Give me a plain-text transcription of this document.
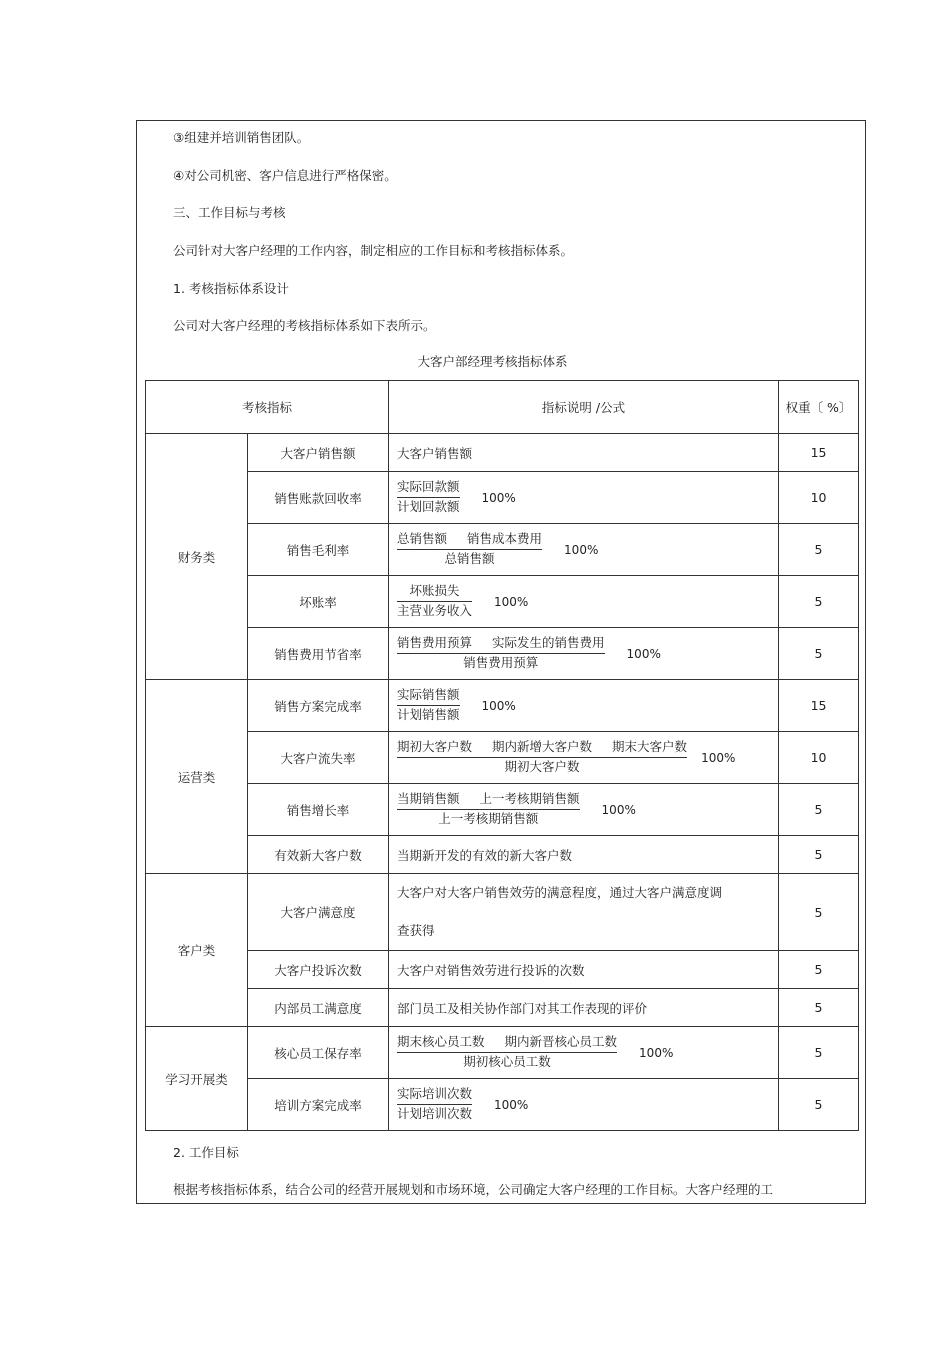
③组建并培训销售团队。
④对公司机密、客户信息进行严格保密。
三、工作目标与考核
公司针对大客户经理的工作内容，制定相应的工作目标和考核指标体系。
1. 考核指标体系设计
公司对大客户经理的考核指标体系如下表所示。
大客户部经理考核指标体系
考核指标		指标说明 /公式	权重〔 %〕
财务类	大客户销售额	大客户销售额	15
	销售账款回收率	$\frac{\text{实际回款额}}{\text{计划回款额}} 100\%$	10
	销售毛利率	$\frac{\text{总销售额 销售成本费用}}{\text{总销售额}} 100\%$	5
	坏账率	$\frac{\text{坏账损失}}{\text{主营业务收入}} 100\%$	5
	销售费用节省率	$\frac{\text{销售费用预算 实际发生的销售费用}}{\text{销售费用预算}} 100\%$	5
运营类	销售方案完成率	$\frac{\text{实际销售额}}{\text{计划销售额}} 100\%$	15
	大客户流失率	$\frac{\text{期初大客户数 期内新增大客户数 期末大客户数}}{\text{期初大客户数}} 100\%$	10
	销售增长率	$\frac{\text{当期销售额 上一考核期销售额}}{\text{上一考核期销售额}} 100\%$	5
	有效新大客户数	当期新开发的有效的新大客户数	5
客户类	大客户满意度	大客户对大客户销售效劳的满意程度，通过大客户满意度调
查获得	5
	大客户投诉次数	大客户对销售效劳进行投诉的次数	5
	内部员工满意度	部门员工及相关协作部门对其工作表现的评价	5
学习开展类	核心员工保存率	$\frac{\text{期末核心员工数 期内新晋核心员工数}}{\text{期初核心员工数}} 100\%$	5
	培训方案完成率	$\frac{\text{实际培训次数}}{\text{计划培训次数}} 100\%$	5
2. 工作目标
根据考核指标体系，结合公司的经营开展规划和市场环境，公司确定大客户经理的工作目标。大客户经理的工
